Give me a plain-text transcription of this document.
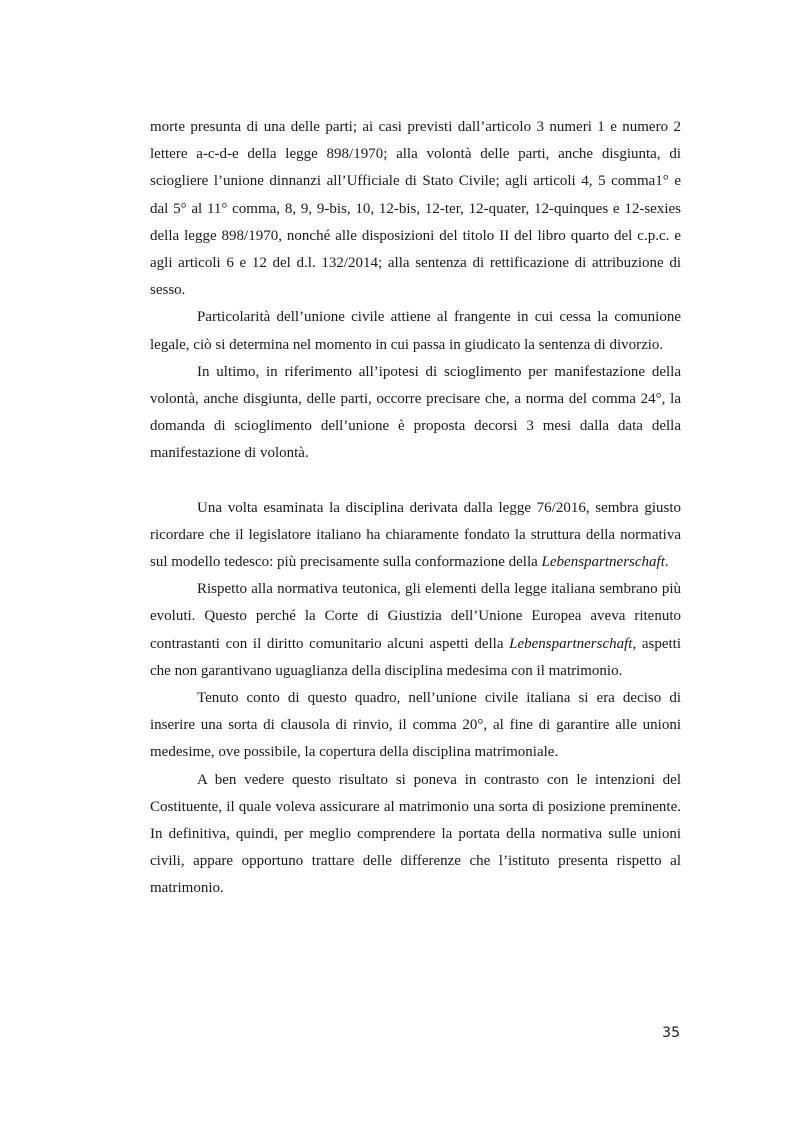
morte presunta di una delle parti; ai casi previsti dall’articolo 3 numeri 1 e numero 2 lettere a-c-d-e della legge 898/1970; alla volontà delle parti, anche disgiunta, di sciogliere l’unione dinnanzi all’Ufficiale di Stato Civile; agli articoli 4, 5 comma1° e dal 5° al 11° comma, 8, 9, 9-bis, 10, 12-bis, 12-ter, 12-quater, 12-quinques e 12-sexies della legge 898/1970, nonché alle disposizioni del titolo II del libro quarto del c.p.c. e agli articoli 6 e 12 del d.l. 132/2014; alla sentenza di rettificazione di attribuzione di sesso.

Particolarità dell’unione civile attiene al frangente in cui cessa la comunione legale, ciò si determina nel momento in cui passa in giudicato la sentenza di divorzio.

In ultimo, in riferimento all’ipotesi di scioglimento per manifestazione della volontà, anche disgiunta, delle parti, occorre precisare che, a norma del comma 24°, la domanda di scioglimento dell’unione è proposta decorsi 3 mesi dalla data della manifestazione di volontà.

Una volta esaminata la disciplina derivata dalla legge 76/2016, sembra giusto ricordare che il legislatore italiano ha chiaramente fondato la struttura della normativa sul modello tedesco: più precisamente sulla conformazione della Lebenspartnerschaft.

Rispetto alla normativa teutonica, gli elementi della legge italiana sembrano più evoluti. Questo perché la Corte di Giustizia dell’Unione Europea aveva ritenuto contrastanti con il diritto comunitario alcuni aspetti della Lebenspartnerschaft, aspetti che non garantivano uguaglianza della disciplina medesima con il matrimonio.

Tenuto conto di questo quadro, nell’unione civile italiana si era deciso di inserire una sorta di clausola di rinvio, il comma 20°, al fine di garantire alle unioni medesime, ove possibile, la copertura della disciplina matrimoniale.

A ben vedere questo risultato si poneva in contrasto con le intenzioni del Costituente, il quale voleva assicurare al matrimonio una sorta di posizione preminente. In definitiva, quindi, per meglio comprendere la portata della normativa sulle unioni civili, appare opportuno trattare delle differenze che l’istituto presenta rispetto al matrimonio.

35
